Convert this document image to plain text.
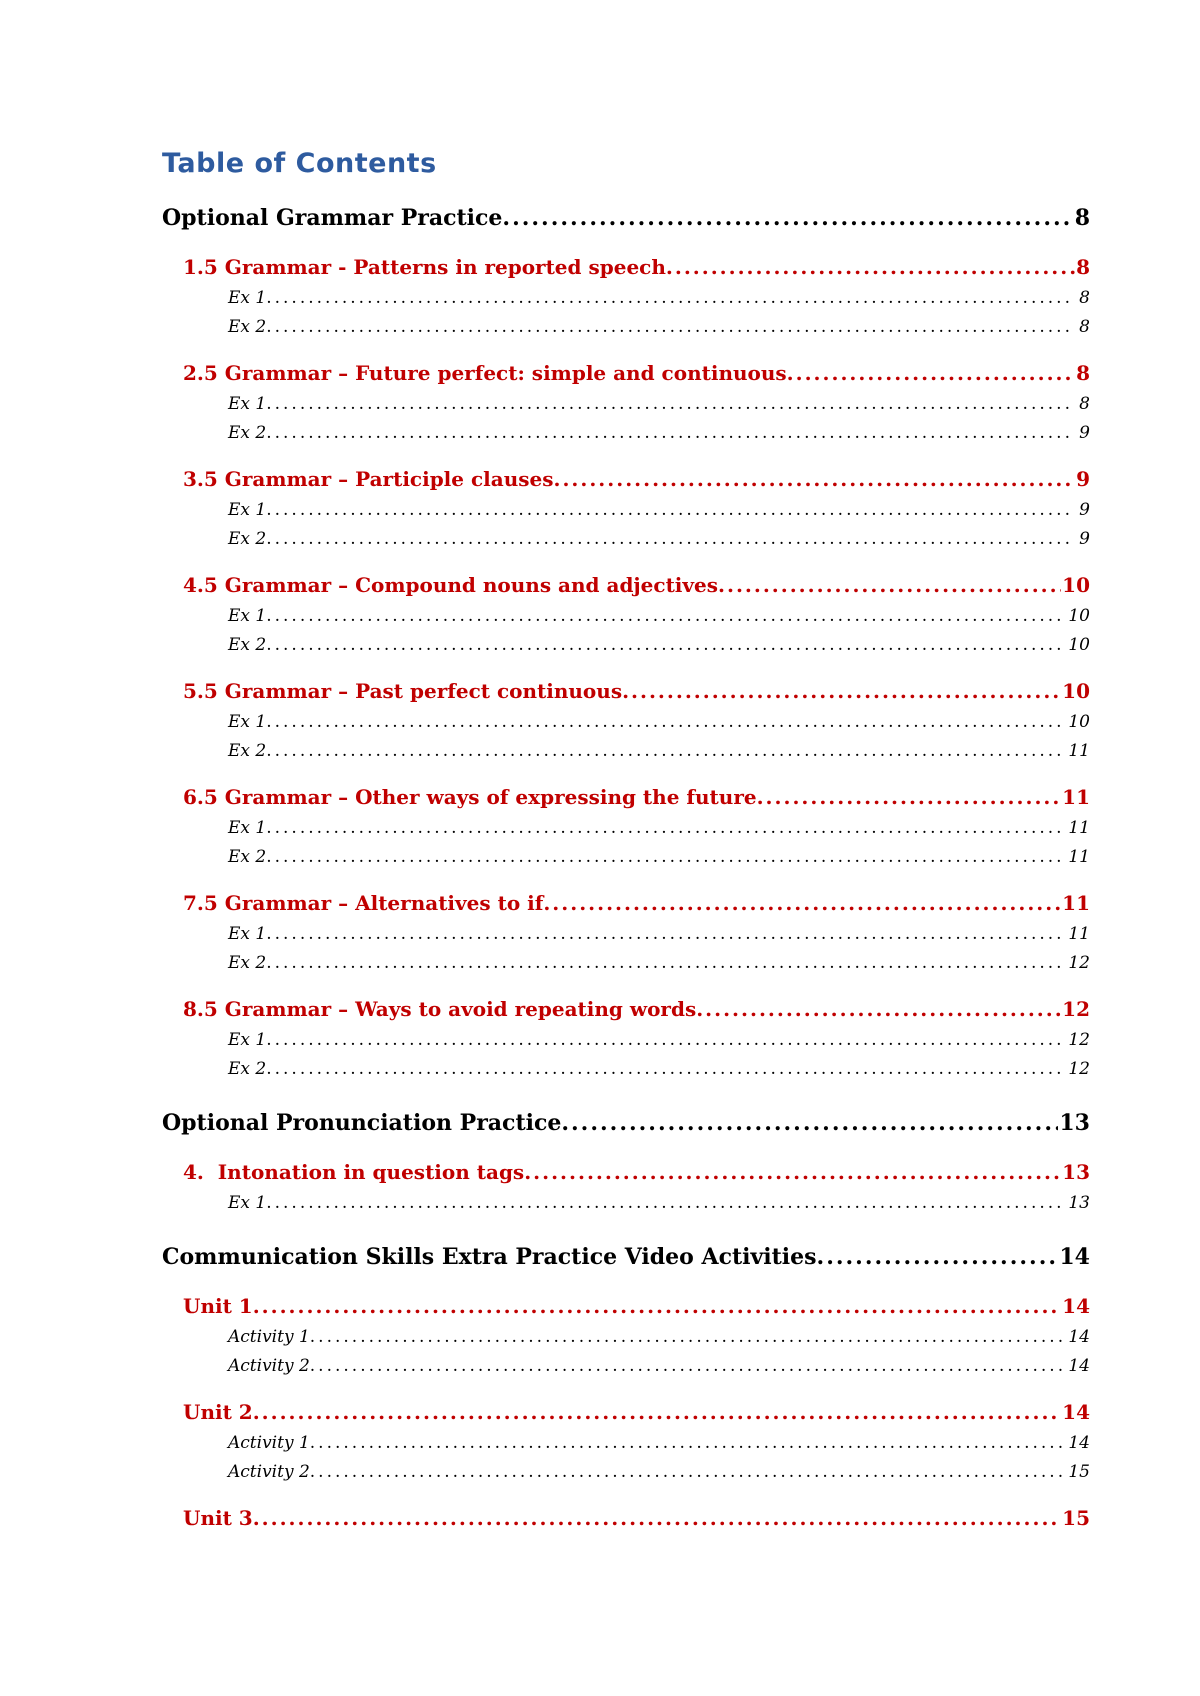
Table of Contents
Optional Grammar Practice .....	8
1.5 Grammar - Patterns in reported speech .....	8
Ex 1 .....	8
Ex 2 .....	8
2.5 Grammar – Future perfect: simple and continuous .....	8
Ex 1 .....	8
Ex 2 .....	9
3.5 Grammar – Participle clauses .....	9
Ex 1 .....	9
Ex 2 .....	9
4.5 Grammar – Compound nouns and adjectives .....	10
Ex 1 .....	10
Ex 2 .....	10
5.5 Grammar – Past perfect continuous .....	10
Ex 1 .....	10
Ex 2 .....	11
6.5 Grammar – Other ways of expressing the future .....	11
Ex 1 .....	11
Ex 2 .....	11
7.5 Grammar – Alternatives to if .....	11
Ex 1 .....	11
Ex 2 .....	12
8.5 Grammar – Ways to avoid repeating words .....	12
Ex 1 .....	12
Ex 2 .....	12
Optional Pronunciation Practice .....	13
4.  Intonation in question tags .....	13
Ex 1 .....	13
Communication Skills Extra Practice Video Activities .....	14
Unit 1 .....	14
Activity 1 .....	14
Activity 2 .....	14
Unit 2 .....	14
Activity 1 .....	14
Activity 2 .....	15
Unit 3 .....	15
